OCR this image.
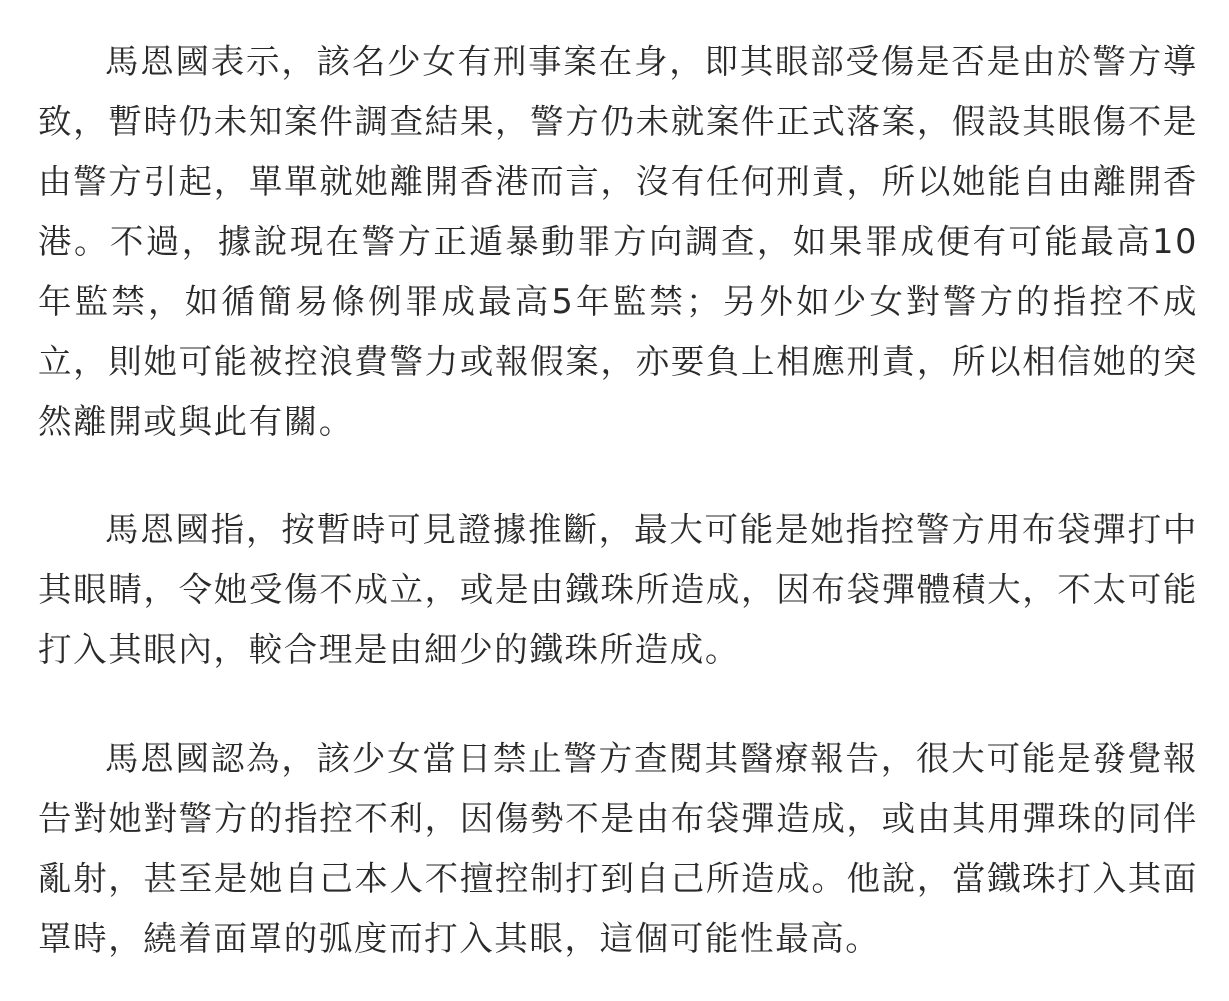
馬恩國表示，該名少女有刑事案在身，即其眼部受傷是否是由於警方導致，暫時仍未知案件調查結果，警方仍未就案件正式落案，假設其眼傷不是由警方引起，單單就她離開香港而言，沒有任何刑責，所以她能自由離開香港。不過，據說現在警方正遁暴動罪方向調查，如果罪成便有可能最高10年監禁，如循簡易條例罪成最高5年監禁；另外如少女對警方的指控不成立，則她可能被控浪費警力或報假案，亦要負上相應刑責，所以相信她的突然離開或與此有關。

馬恩國指，按暫時可見證據推斷，最大可能是她指控警方用布袋彈打中其眼睛，令她受傷不成立，或是由鐵珠所造成，因布袋彈體積大，不太可能打入其眼內，較合理是由細少的鐵珠所造成。

馬恩國認為，該少女當日禁止警方查閱其醫療報告，很大可能是發覺報告對她對警方的指控不利，因傷勢不是由布袋彈造成，或由其用彈珠的同伴亂射，甚至是她自己本人不擅控制打到自己所造成。他說，當鐵珠打入其面罩時，繞着面罩的弧度而打入其眼，這個可能性最高。
